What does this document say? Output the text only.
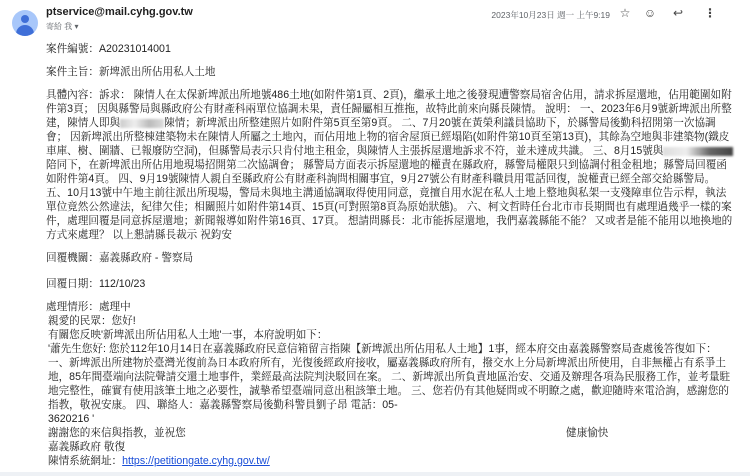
ptservice@mail.cyhg.gov.tw
寄給 我 ▾
2023年10月23日 週一 上午9:19 ☆ ☺ ↩ ⋮

案件編號：A20231014001

案件主旨：新埤派出所佔用私人土地

具體內容：訴求： 陳情人在太保新埤派出所地號486土地(如附件第1頁、2頁)，繼承土地之後發現遭警察局宿舍佔用，請求拆屋還地，佔用範圍如附件第3頁； 因與縣警局與縣政府公有財產科兩單位協調未果，責任歸屬相互推拖，故特此前來向縣長陳情。 說明： 一、2023年6月9號新埤派出所整建，陳情人即與	陳情；新埤派出所整建照片如附件第5頁至第9頁。 二、7月20號在黃榮利議員協助下，於縣警局後勤科招開第一次協調會； 因新埤派出所整棟建築物未在陳情人所屬之土地內，而佔用地上物的宿舍屋頂已經塌陷(如附件第10頁至第13頁)，其餘為空地與非建築物(鐵皮車庫、樹、圍牆、已報廢防空洞)，但縣警局表示只肯付地主租金，與陳情人主張拆屋還地訴求不符，並未達成共識。 三、8月15號與陪同下，在新埤派出所佔用地現場招開第二次協調會； 縣警局方面表示拆屋還地的權責在縣政府，縣警局權限只到協調付租金租地；縣警局回覆函如附件第4頁。 四、9月19號陳情人親自至縣政府公有財產科詢問相關事宜，9月27號公有財產科職員用電話回復，說權責已經全部交給縣警局。 五、10月13號中午地主前往派出所現場，警局未與地主溝通協調取得使用同意，竟擅自用水泥在私人土地上整地與私架一支殘障車位告示桿，執法單位竟然公然違法，紀律欠佳；相關照片如附件第14頁、15頁(可對照第8頁為原始狀態)。 六、柯文哲時任台北市市長期間也有處理過幾乎一樣的案件，處理回覆是同意拆屋還地；新聞報導如附件第16頁、17頁。 想請問縣長：北市能拆屋還地，我們嘉義縣能不能？ 又或者是能不能用以地換地的方式來處理？ 以上懇請縣長裁示 祝鈞安

回覆機關：嘉義縣政府 - 警察局

回覆日期：112/10/23

處理情形：處理中

親愛的民眾：您好!

有關您反映'新埤派出所佔用私人土地'一事，本府說明如下：

'蕭先生您好: 您於112年10月14日在嘉義縣政府民意信箱留言指陳【新埤派出所佔用私人土地】1事，經本府交由嘉義縣警察局查處後答復如下： 一、新埤派出所建物於臺灣光復前為日本政府所有，光復後經政府接收，屬嘉義縣政府所有，撥交水上分局新埤派出所使用，自非無權占有系爭土地，85年間臺端向法院聲請交還土地事件，業經最高法院判決駁回在案。 二、新埤派出所負責地區治安、交通及辦理各項為民服務工作，並考量駐地完整性，確實有使用該筆土地之必要性，誠摯希望臺端同意出租該筆土地。 三、您若仍有其他疑問或不明瞭之處，歡迎隨時來電洽詢，感謝您的指教，敬祝安康。 四、聯絡人：嘉義縣警察局後勤科警員劉子昂 電話：05-
3620216 '

謝謝您的來信與指教，並祝您	健康愉快

嘉義縣政府 敬復

陳情系統網址：https://petitiongate.cyhg.gov.tw/
